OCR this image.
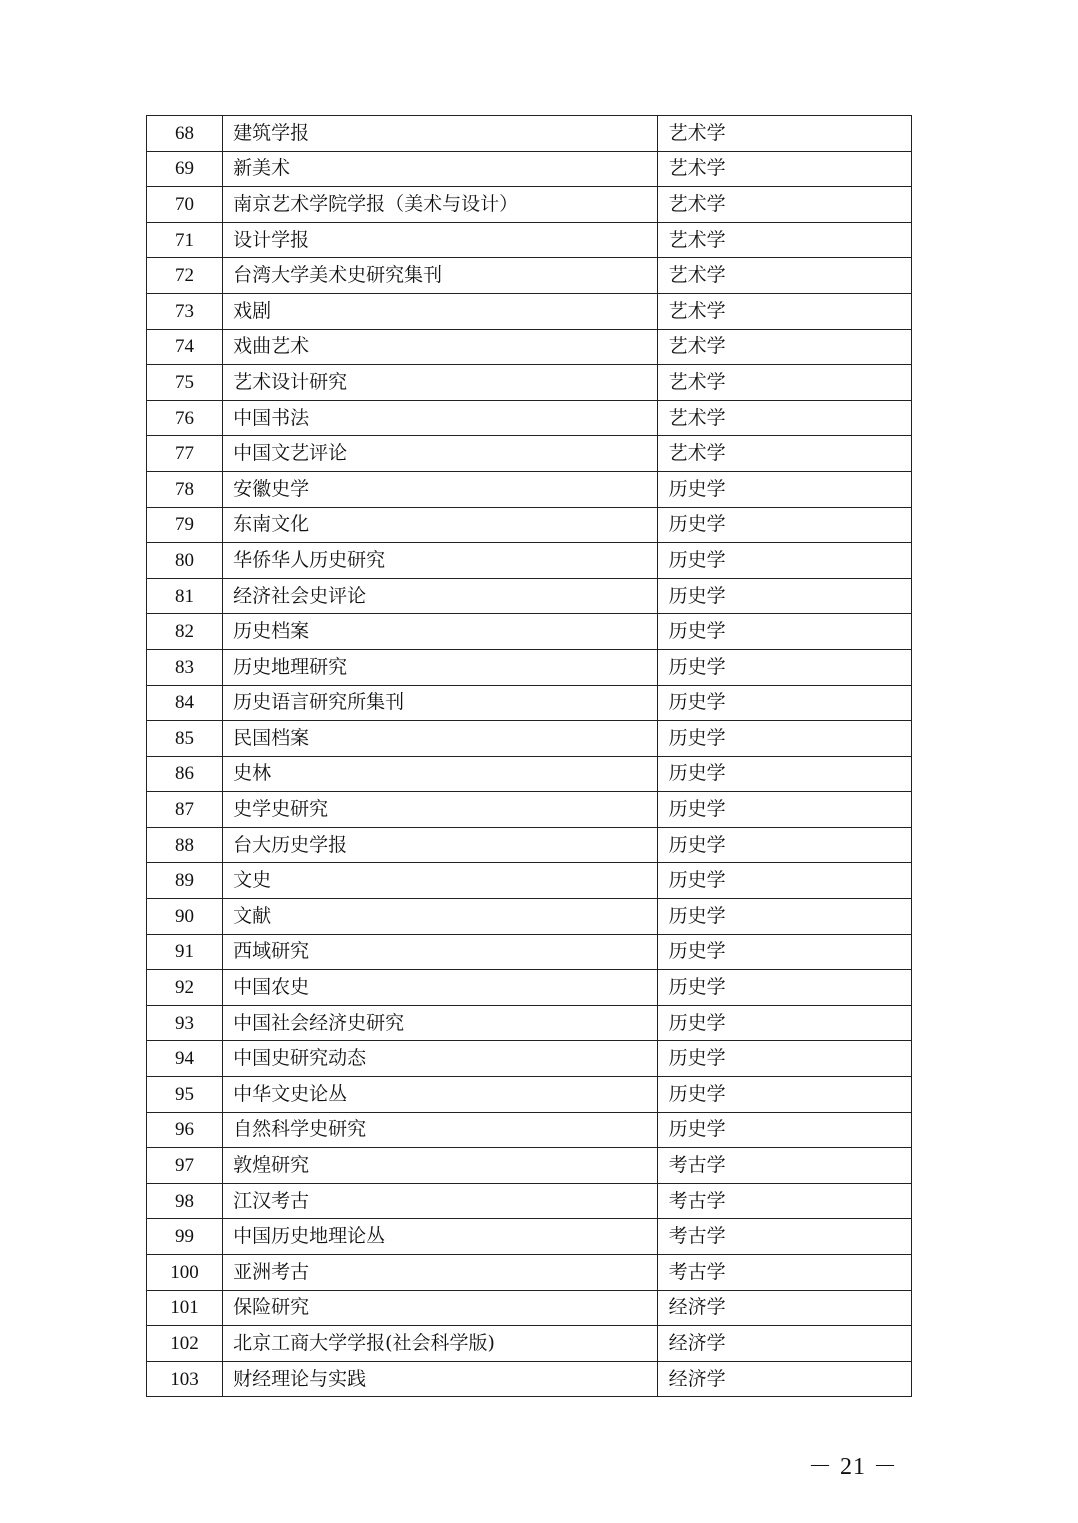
68	建筑学报	艺术学
69	新美术	艺术学
70	南京艺术学院学报（美术与设计）	艺术学
71	设计学报	艺术学
72	台湾大学美术史研究集刊	艺术学
73	戏剧	艺术学
74	戏曲艺术	艺术学
75	艺术设计研究	艺术学
76	中国书法	艺术学
77	中国文艺评论	艺术学
78	安徽史学	历史学
79	东南文化	历史学
80	华侨华人历史研究	历史学
81	经济社会史评论	历史学
82	历史档案	历史学
83	历史地理研究	历史学
84	历史语言研究所集刊	历史学
85	民国档案	历史学
86	史林	历史学
87	史学史研究	历史学
88	台大历史学报	历史学
89	文史	历史学
90	文献	历史学
91	西域研究	历史学
92	中国农史	历史学
93	中国社会经济史研究	历史学
94	中国史研究动态	历史学
95	中华文史论丛	历史学
96	自然科学史研究	历史学
97	敦煌研究	考古学
98	江汉考古	考古学
99	中国历史地理论丛	考古学
100	亚洲考古	考古学
101	保险研究	经济学
102	北京工商大学学报(社会科学版)	经济学
103	财经理论与实践	经济学
－ 21 －
